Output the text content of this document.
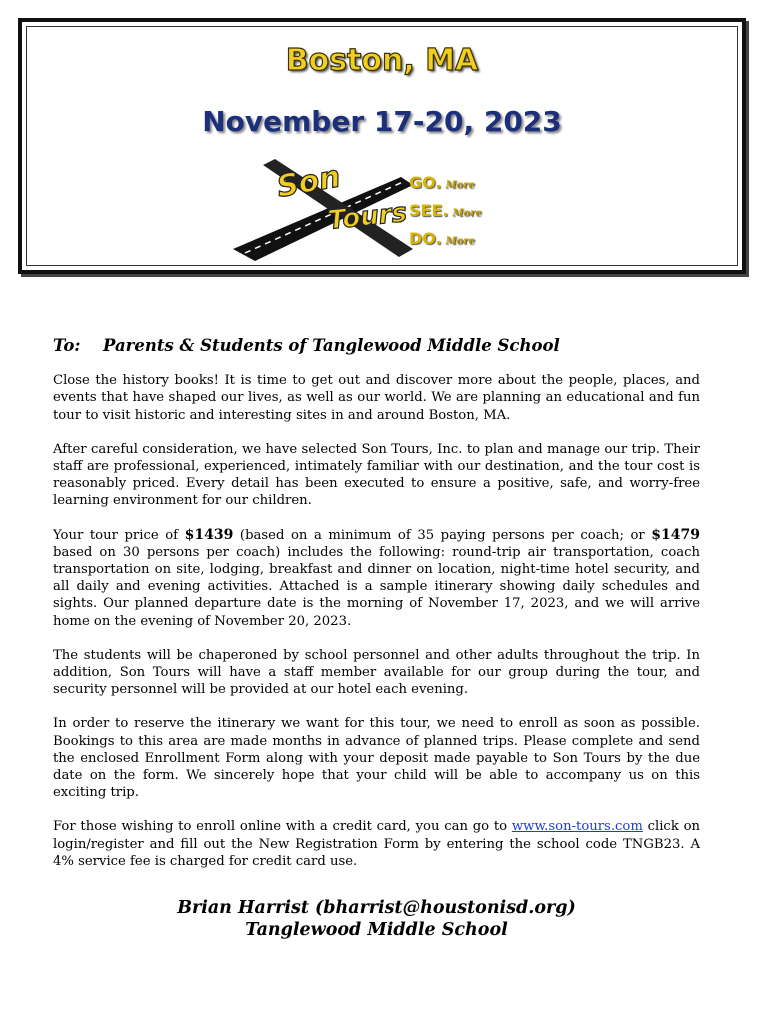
Boston, MA
November 17-20, 2023
Son
Tours
GO. More
SEE. More
DO. More
To: Parents & Students of Tanglewood Middle School

Close the history books! It is time to get out and discover more about the people, places, and events that have shaped our lives, as well as our world. We are planning an educational and fun tour to visit historic and interesting sites in and around Boston, MA.

After careful consideration, we have selected Son Tours, Inc. to plan and manage our trip. Their staff are professional, experienced, intimately familiar with our destination, and the tour cost is reasonably priced. Every detail has been executed to ensure a positive, safe, and worry-free learning environment for our children.

Your tour price of $1439 (based on a minimum of 35 paying persons per coach; or $1479 based on 30 persons per coach) includes the following: round-trip air transportation, coach transportation on site, lodging, breakfast and dinner on location, night-time hotel security, and all daily and evening activities. Attached is a sample itinerary showing daily schedules and sights. Our planned departure date is the morning of November 17, 2023, and we will arrive home on the evening of November 20, 2023.

The students will be chaperoned by school personnel and other adults throughout the trip. In addition, Son Tours will have a staff member available for our group during the tour, and security personnel will be provided at our hotel each evening.

In order to reserve the itinerary we want for this tour, we need to enroll as soon as possible. Bookings to this area are made months in advance of planned trips. Please complete and send the enclosed Enrollment Form along with your deposit made payable to Son Tours by the due date on the form. We sincerely hope that your child will be able to accompany us on this exciting trip.

For those wishing to enroll online with a credit card, you can go to www.son-tours.com click on login/register and fill out the New Registration Form by entering the school code TNGB23. A 4% service fee is charged for credit card use.

Brian Harrist (bharrist@houstonisd.org)
Tanglewood Middle School
